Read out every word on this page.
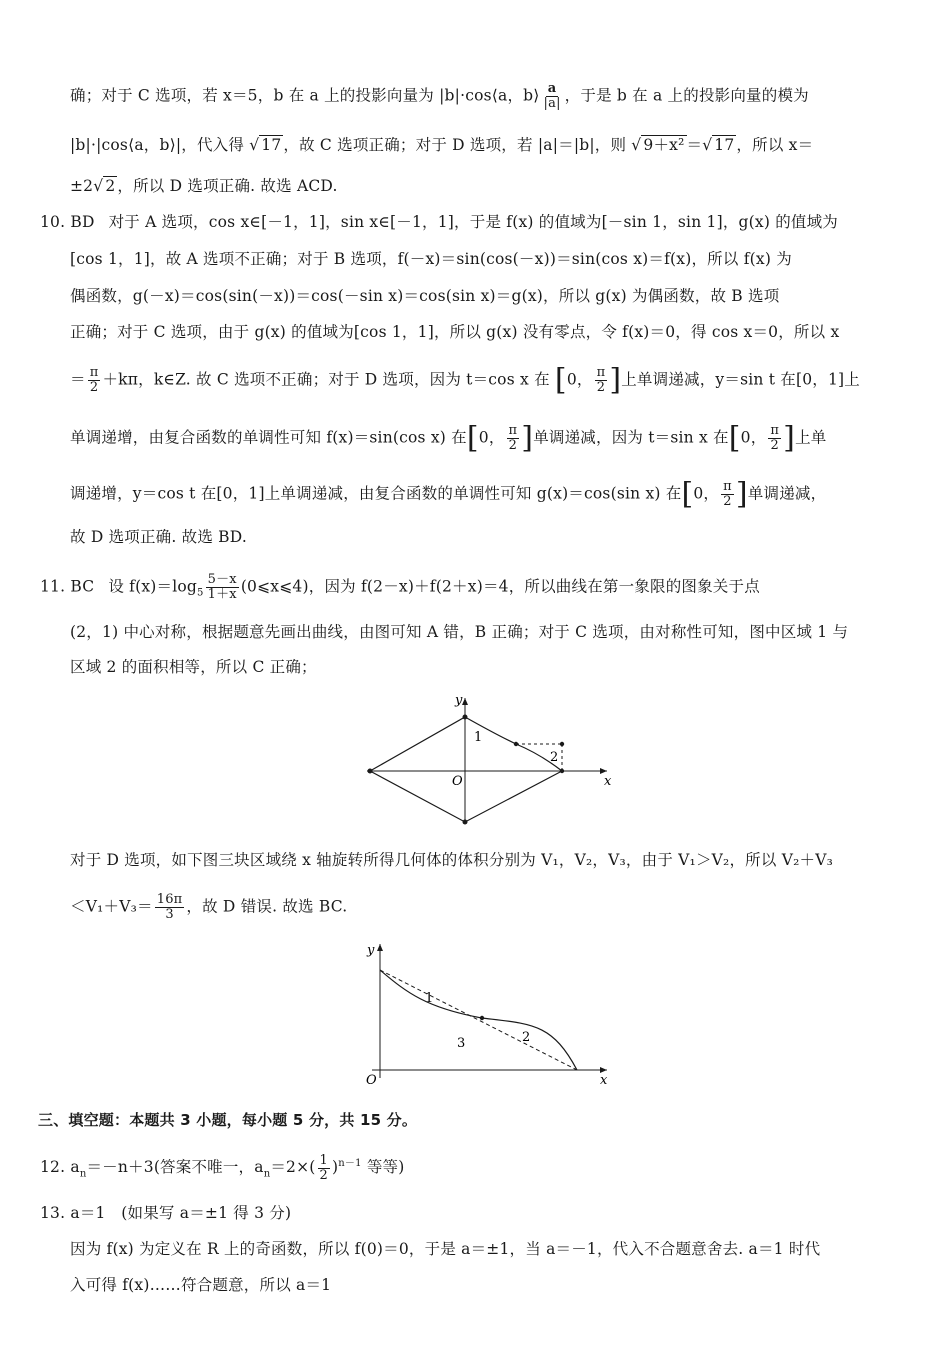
确；对于 C 选项，若 x＝5，b 在 a 上的投影向量为 |b|·cos⟨a，b⟩ $\frac{a}{|a|}$ ，于是 b 在 a 上的投影向量的模为
|b|·|cos⟨a，b⟩|，代入得 √ 17 ，故 C 选项正确；对于 D 选项，若 |a|＝|b|，则 √ 9＋x² ＝√ 17 ，所以 x＝
±2√ 2 ，所以 D 选项正确. 故选 ACD.
10. BD 对于 A 选项，cos x∈[－1，1]，sin x∈[－1，1]，于是 f(x) 的值域为[－sin 1，sin 1]，g(x) 的值域为
[cos 1，1]，故 A 选项不正确；对于 B 选项，f(－x)＝sin(cos(－x))＝sin(cos x)＝f(x)，所以 f(x) 为
偶函数，g(－x)＝cos(sin(－x))＝cos(－sin x)＝cos(sin x)＝g(x)，所以 g(x) 为偶函数，故 B 选项
正确；对于 C 选项，由于 g(x) 的值域为[cos 1，1]，所以 g(x) 没有零点，令 f(x)＝0，得 cos x＝0，所以 x
＝ $\frac{\pi}{2} +k\pi$，k∈Z. 故 C 选项不正确；对于 D 选项，因为 t＝cos x 在 [0， $\frac{\pi}{2}$ ]上单调递减，y＝sin t 在[0，1]上
单调递增，由复合函数的单调性可知 f(x)＝sin(cos x) 在[0， $\frac{\pi}{2}$ ]单调递减，因为 t＝sin x 在[0， $\frac{\pi}{2}$ ]上单
调递增，y＝cos t 在[0，1]上单调递减，由复合函数的单调性可知 g(x)＝cos(sin x) 在[0， $\frac{\pi}{2}$ ]单调递减，
故 D 选项正确. 故选 BD.
11. BC 设 $f(x)=\log_5 \frac{5-x}{1+x}$ (0⩽x⩽4)，因为 f(2－x)＋f(2＋x)＝4，所以曲线在第一象限的图象关于点
(2，1) 中心对称，根据题意先画出曲线，由图可知 A 错，B 正确；对于 C 选项，由对称性可知，图中区域 1 与
区域 2 的面积相等，所以 C 正确；
y
x
O
1
2
对于 D 选项，如下图三块区域绕 x 轴旋转所得几何体的体积分别为 V₁，V₂，V₃，由于 V₁＞V₂，所以 V₂＋V₃
$<V_1+V_3= \frac{16\pi}{3}$ ，故 D 错误. 故选 BC.
y
x
O
1
2
3
三、填空题：本题共 3 小题，每小题 5 分，共 15 分。
12. $a_n=-n+3$(答案不唯一，$a_n=2\times( \frac{1}{2} )^{n-1}$ 等等)
13. a＝1　(如果写 a＝±1 得 3 分)
因为 f(x) 为定义在 R 上的奇函数，所以 f(0)＝0，于是 a＝±1，当 a＝－1，代入不合题意舍去. a＝1 时代
入可得 f(x)……符合题意，所以 a＝1
